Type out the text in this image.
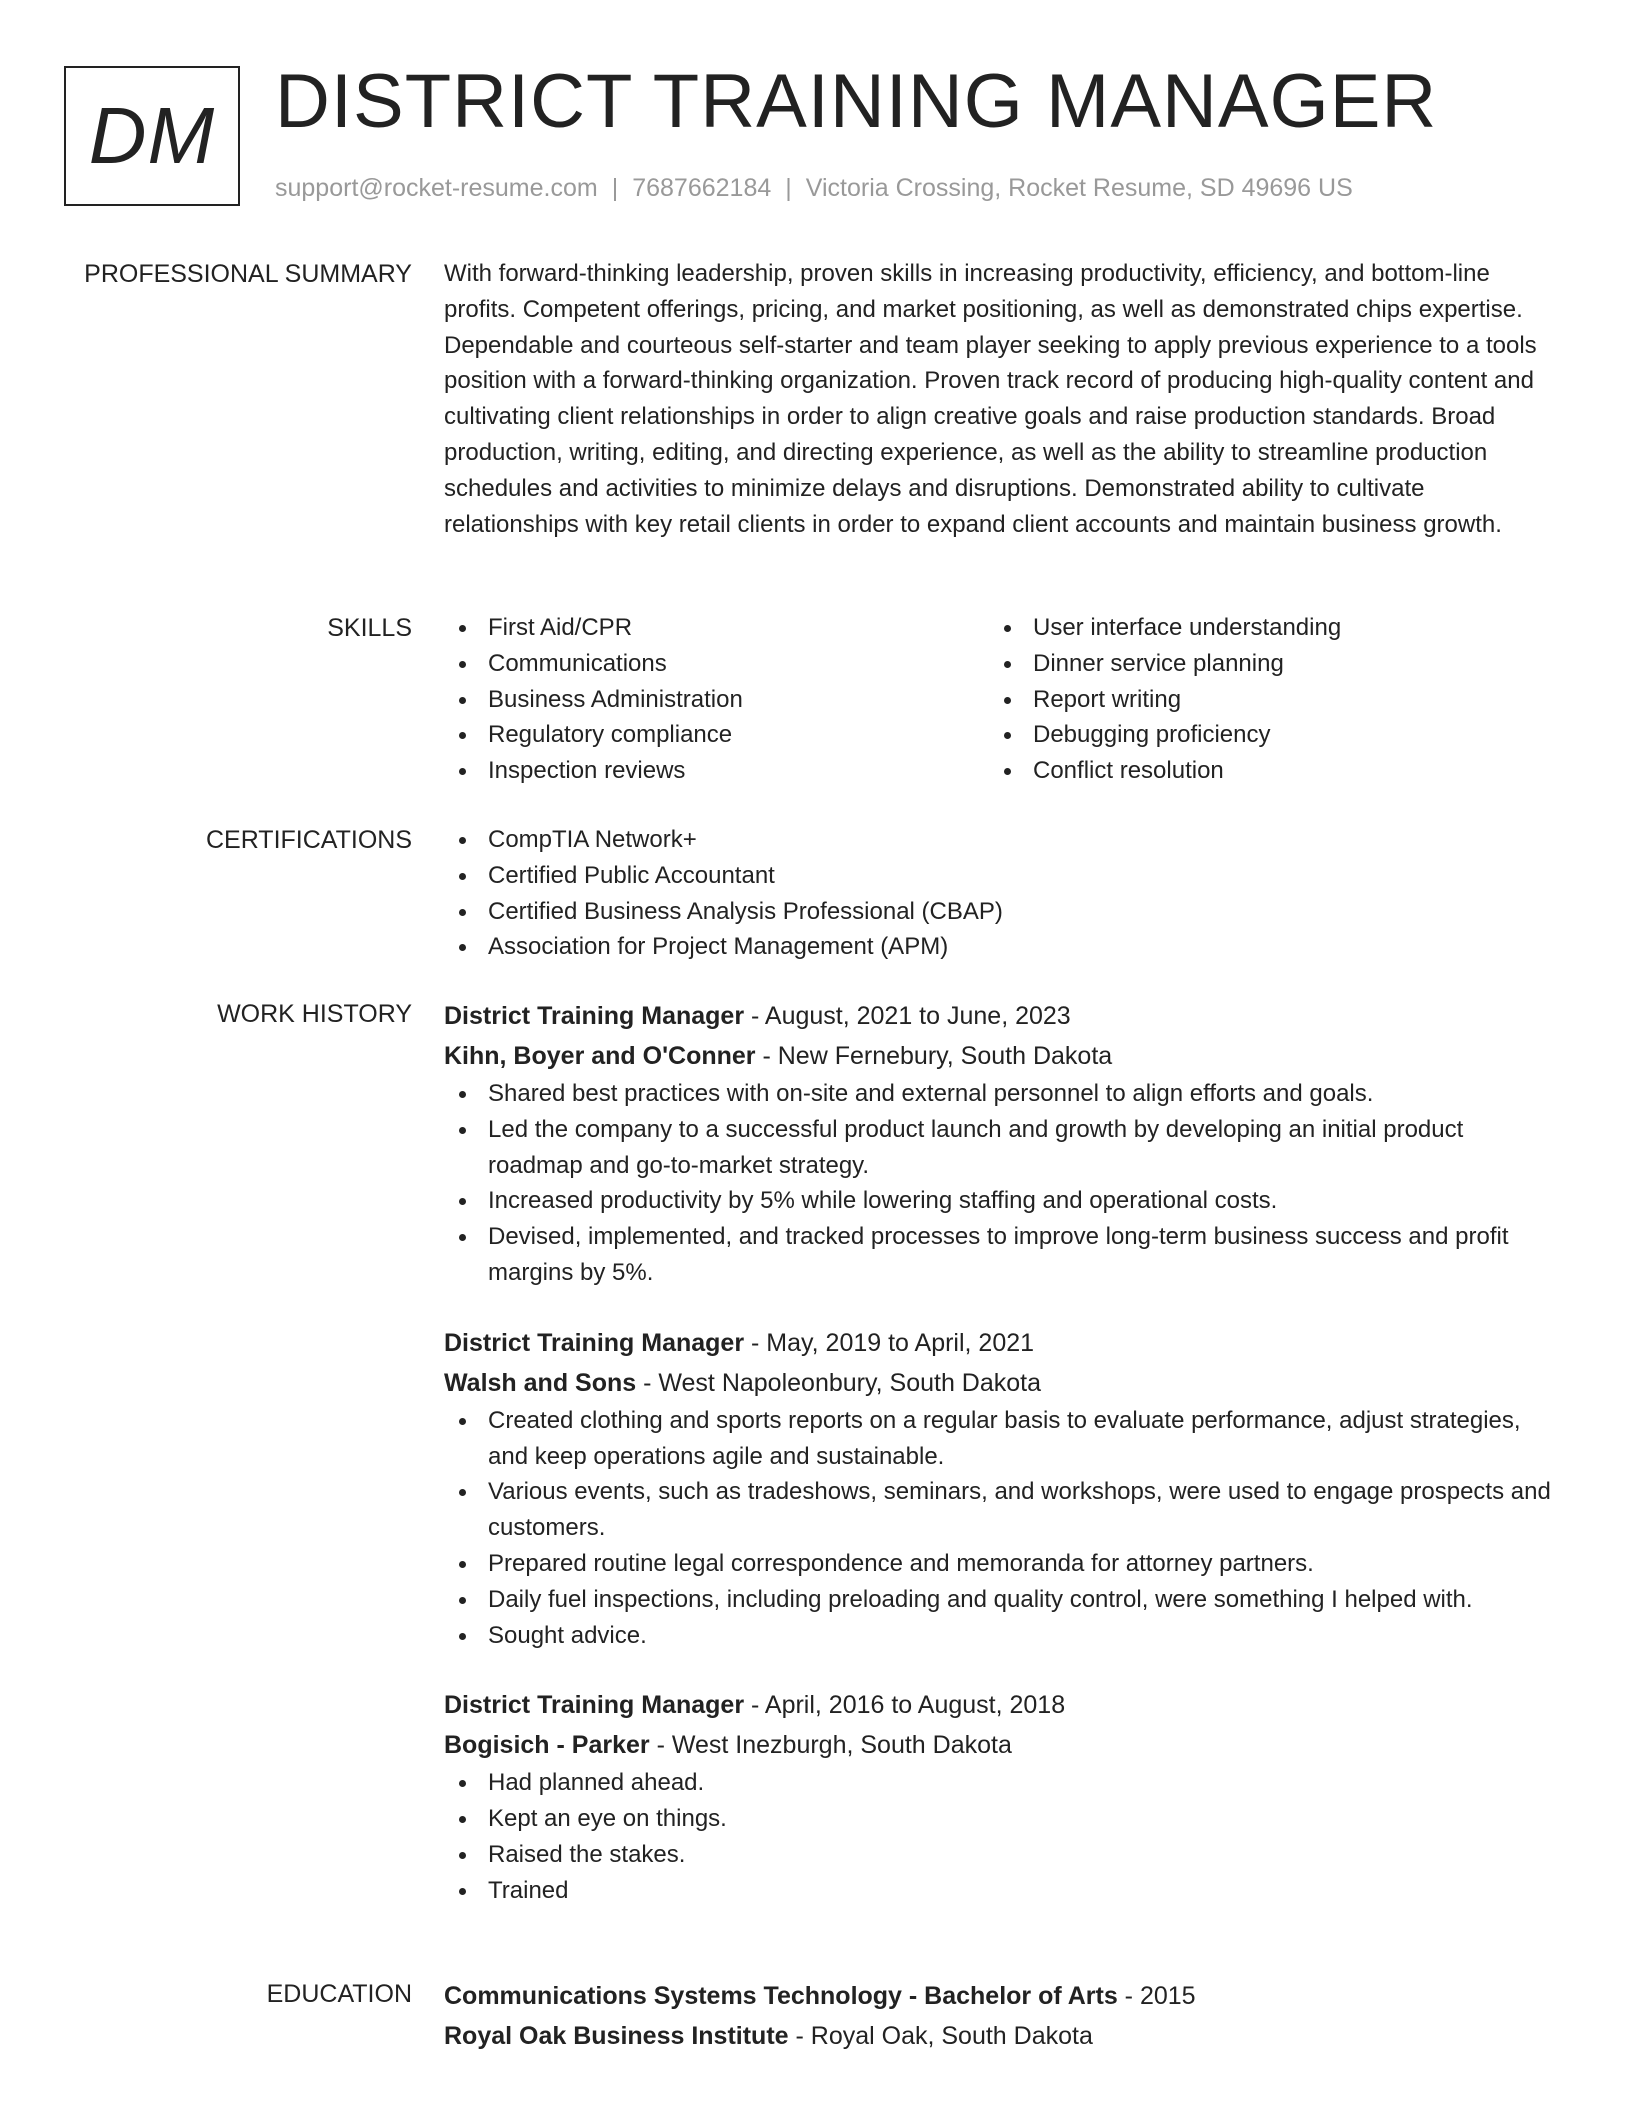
DM DISTRICT TRAINING MANAGER
support@rocket-resume.com | 7687662184 | Victoria Crossing, Rocket Resume, SD 49696 US
PROFESSIONAL SUMMARY With forward-thinking leadership, proven skills in increasing productivity, efficiency, and bottom-line profits. Competent offerings, pricing, and market positioning, as well as demonstrated chips expertise. Dependable and courteous self-starter and team player seeking to apply previous experience to a tools position with a forward-thinking organization. Proven track record of producing high-quality content and cultivating client relationships in order to align creative goals and raise production standards. Broad production, writing, editing, and directing experience, as well as the ability to streamline production schedules and activities to minimize delays and disruptions. Demonstrated ability to cultivate relationships with key retail clients in order to expand client accounts and maintain business growth.
SKILLS	First Aid/CPR
Communications
Business Administration
Regulatory compliance
Inspection reviews
User interface understanding
Dinner service planning
Report writing
Debugging proficiency
Conflict resolution
CERTIFICATIONS	CompTIA Network+
Certified Public Accountant
Certified Business Analysis Professional (CBAP)
Association for Project Management (APM)
WORK HISTORY District Training Manager - August, 2021 to June, 2023
Kihn, Boyer and O'Conner - New Fernebury, South Dakota
Shared best practices with on-site and external personnel to align efforts and goals.
Led the company to a successful product launch and growth by developing an initial product roadmap and go-to-market strategy.
Increased productivity by 5% while lowering staffing and operational costs.
Devised, implemented, and tracked processes to improve long-term business success and profit margins by 5%.
District Training Manager - May, 2019 to April, 2021
Walsh and Sons - West Napoleonbury, South Dakota
Created clothing and sports reports on a regular basis to evaluate performance, adjust strategies, and keep operations agile and sustainable.
Various events, such as tradeshows, seminars, and workshops, were used to engage prospects and customers.
Prepared routine legal correspondence and memoranda for attorney partners.
Daily fuel inspections, including preloading and quality control, were something I helped with.
Sought advice.
District Training Manager - April, 2016 to August, 2018
Bogisich - Parker - West Inezburgh, South Dakota
Had planned ahead.
Kept an eye on things.
Raised the stakes.
Trained
EDUCATION Communications Systems Technology - Bachelor of Arts - 2015
Royal Oak Business Institute - Royal Oak, South Dakota
